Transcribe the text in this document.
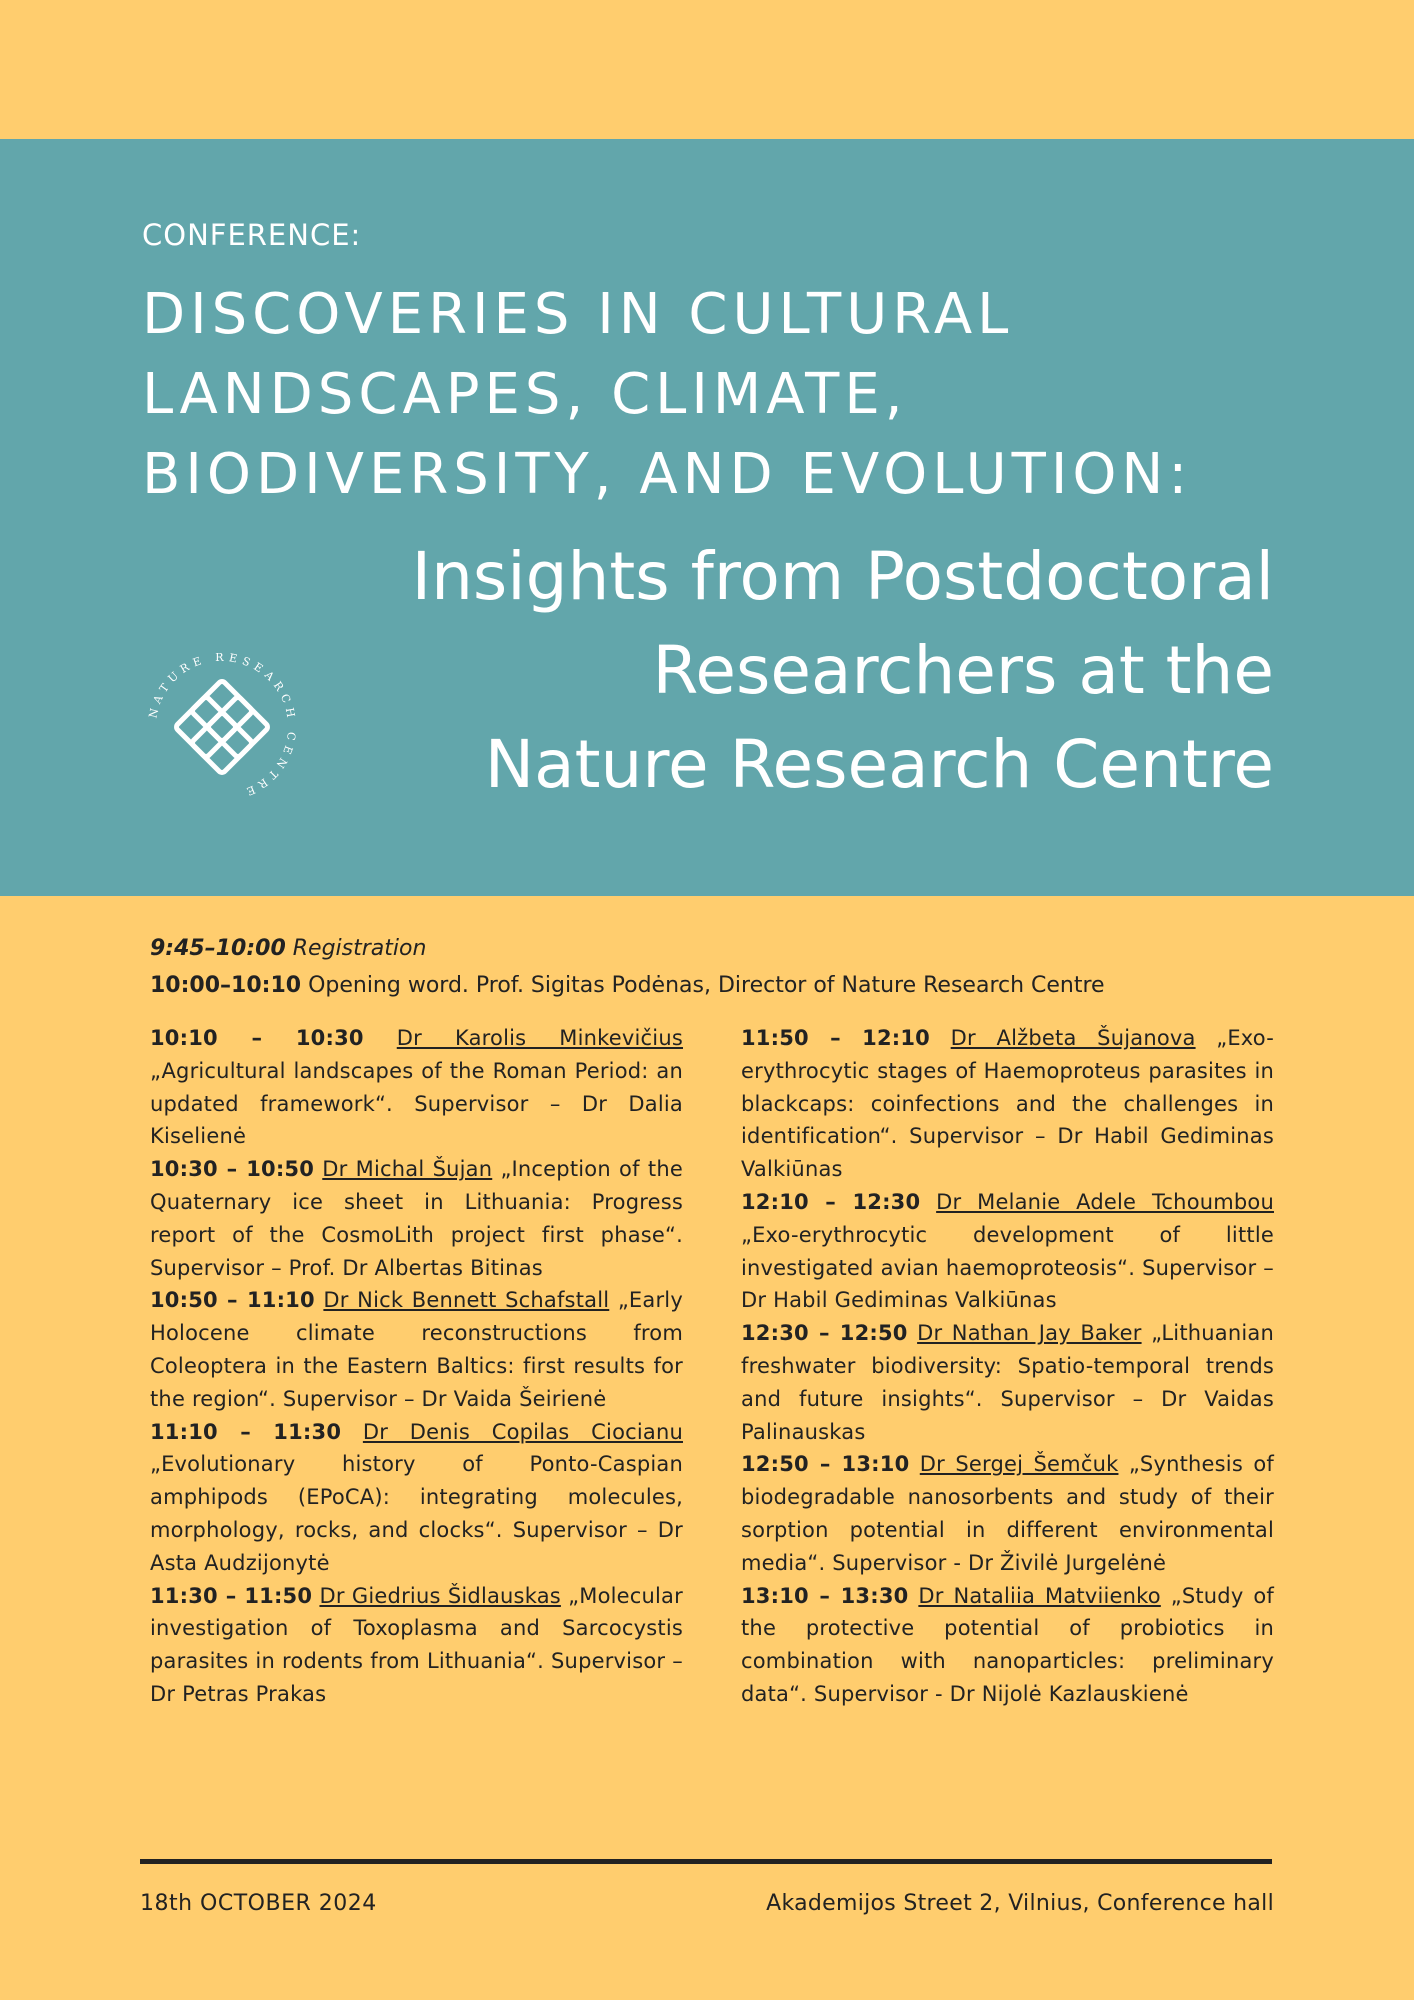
CONFERENCE:
DISCOVERIES IN CULTURAL
LANDSCAPES, CLIMATE,
BIODIVERSITY, AND EVOLUTION:
Insights from Postdoctoral
Researchers at the
Nature Research Centre
NATURE RESEARCH CENTRE
9:45–10:00 Registration
10:00–10:10 Opening word. Prof. Sigitas Podėnas, Director of Nature Research Centre

10:10 – 10:30 Dr Karolis Minkevičius „Agricultural landscapes of the Roman Period: an updated framework“. Supervisor – Dr Dalia Kiselienė

10:30 – 10:50 Dr Michal Šujan „Inception of the Quaternary ice sheet in Lithuania: Progress report of the CosmoLith project first phase“. Supervisor – Prof. Dr Albertas Bitinas

10:50 – 11:10 Dr Nick Bennett Schafstall „Early Holocene climate reconstructions from Coleoptera in the Eastern Baltics: first results for the region“. Supervisor – Dr Vaida Šeirienė

11:10 – 11:30 Dr Denis Copilas Ciocianu „Evolutionary history of Ponto-Caspian amphipods (EPoCA): integrating molecules, morphology, rocks, and clocks“. Supervisor – Dr Asta Audzijonytė

11:30 – 11:50 Dr Giedrius Šidlauskas „Molecular investigation of Toxoplasma and Sarcocystis parasites in rodents from Lithuania“. Supervisor – Dr Petras Prakas

11:50 – 12:10 Dr Alžbeta Šujanova „Exo-erythrocytic stages of Haemoproteus parasites in blackcaps: coinfections and the challenges in identification“. Supervisor – Dr Habil Gediminas Valkiūnas

12:10 – 12:30 Dr Melanie Adele Tchoumbou „Exo-erythrocytic development of little investigated avian haemoproteosis“. Supervisor – Dr Habil Gediminas Valkiūnas

12:30 – 12:50 Dr Nathan Jay Baker „Lithuanian freshwater biodiversity: Spatio-temporal trends and future insights“. Supervisor – Dr Vaidas Palinauskas

12:50 – 13:10 Dr Sergej Šemčuk „Synthesis of biodegradable nanosorbents and study of their sorption potential in different environmental media“. Supervisor - Dr Živilė Jurgelėnė

13:10 – 13:30 Dr Nataliia Matviienko „Study of the protective potential of probiotics in combination with nanoparticles: preliminary data“. Supervisor - Dr Nijolė Kazlauskienė

18th OCTOBER 2024	Akademijos Street 2, Vilnius, Conference hall
